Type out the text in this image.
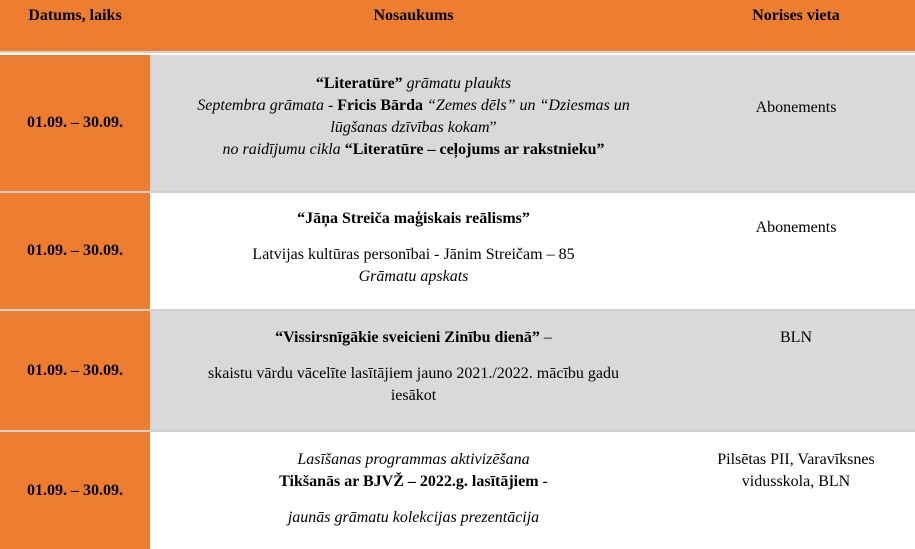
Datums, laiks	Nosaukums	Norises vieta
01.09. – 30.09.
“Literatūre” grāmatu plaukts
Septembra grāmata - Fricis Bārda “Zemes dēls” un “Dziesmas un
lūgšanas dzīvības kokam”
no raidījumu cikla “Literatūre – ceļojums ar rakstnieku”
Abonements
01.09. – 30.09.
“Jāņa Streiča maģiskais reālisms”
Latvijas kultūras personībai - Jānim Streičam – 85
Grāmatu apskats
Abonements
01.09. – 30.09.
“Vissirsnīgākie sveicieni Zinību dienā” –
skaistu vārdu vācelīte lasītājiem jauno 2021./2022. mācību gadu
iesākot
BLN
01.09. – 30.09.
Lasīšanas programmas aktivizēšana
Tikšanās ar BJVŽ – 2022.g. lasītājiem -
jaunās grāmatu kolekcijas prezentācija
Pilsētas PII, Varavīksnes
vidusskola, BLN
